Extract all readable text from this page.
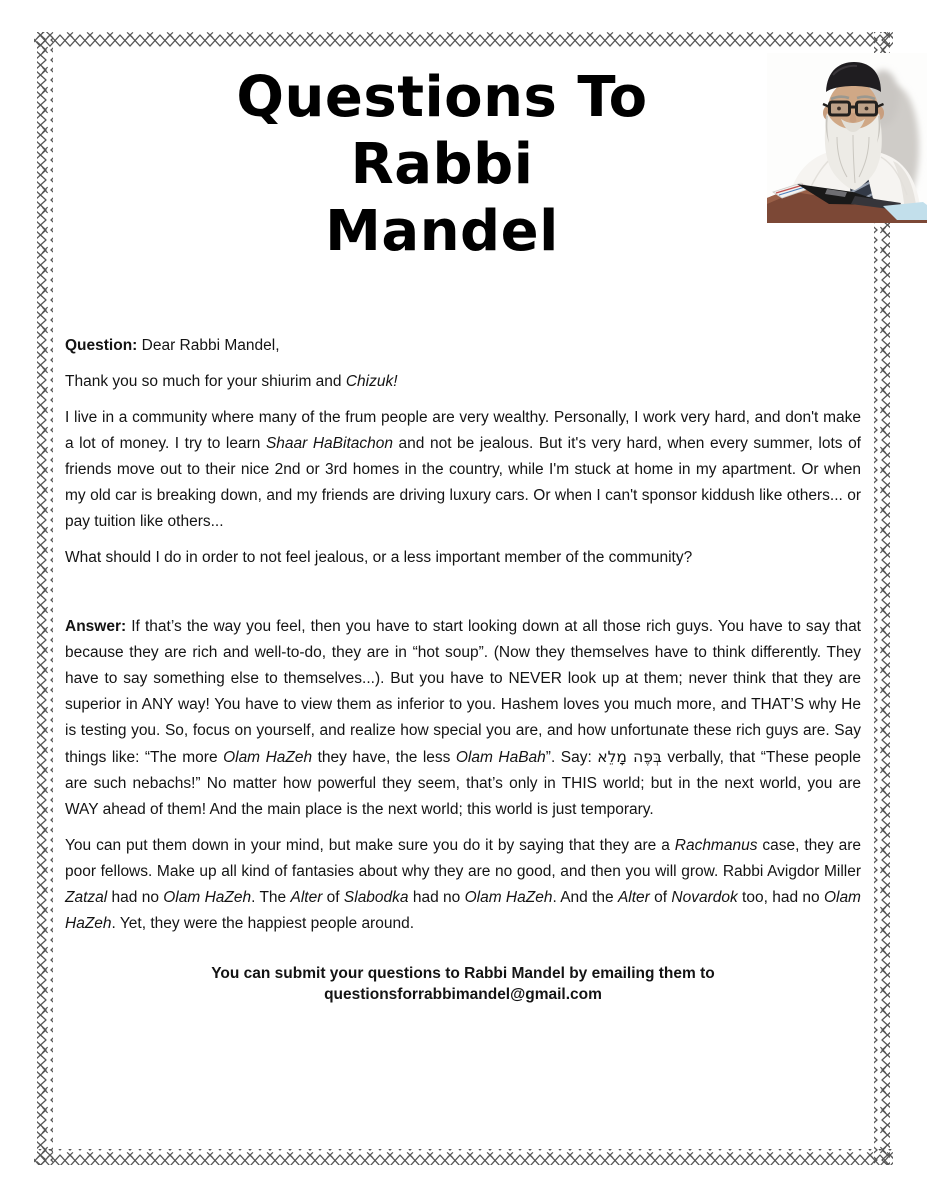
Questions To
Rabbi
Mandel

Question: Dear Rabbi Mandel,

Thank you so much for your shiurim and Chizuk!

I live in a community where many of the frum people are very wealthy. Personally, I work very hard, and don't make a lot of money. I try to learn Shaar HaBitachon and not be jealous. But it's very hard, when every summer, lots of friends move out to their nice 2nd or 3rd homes in the country, while I'm stuck at home in my apartment. Or when my old car is breaking down, and my friends are driving luxury cars. Or when I can't sponsor kiddush like others... or pay tuition like others...

What should I do in order to not feel jealous, or a less important member of the community?

Answer: If that’s the way you feel, then you have to start looking down at all those rich guys. You have to say that because they are rich and well-to-do, they are in “hot soup”. (Now they themselves have to think differently. They have to say something else to themselves...). But you have to NEVER look up at them; never think that they are superior in ANY way! You have to view them as inferior to you. Hashem loves you much more, and THAT’S why He is testing you. So, focus on yourself, and realize how special you are, and how unfortunate these rich guys are. Say things like: “The more Olam HaZeh they have, the less Olam HaBah”. Say: בְּפֶּה מָלֵא verbally, that “These people are such nebachs!” No matter how powerful they seem, that’s only in THIS world; but in the next world, you are WAY ahead of them! And the main place is the next world; this world is just temporary.

You can put them down in your mind, but make sure you do it by saying that they are a Rachmanus case, they are poor fellows. Make up all kind of fantasies about why they are no good, and then you will grow. Rabbi Avigdor Miller Zatzal had no Olam HaZeh. The Alter of Slabodka had no Olam HaZeh. And the Alter of Novardok too, had no Olam HaZeh. Yet, they were the happiest people around.

You can submit your questions to Rabbi Mandel by emailing them to
questionsforrabbimandel@gmail.com
